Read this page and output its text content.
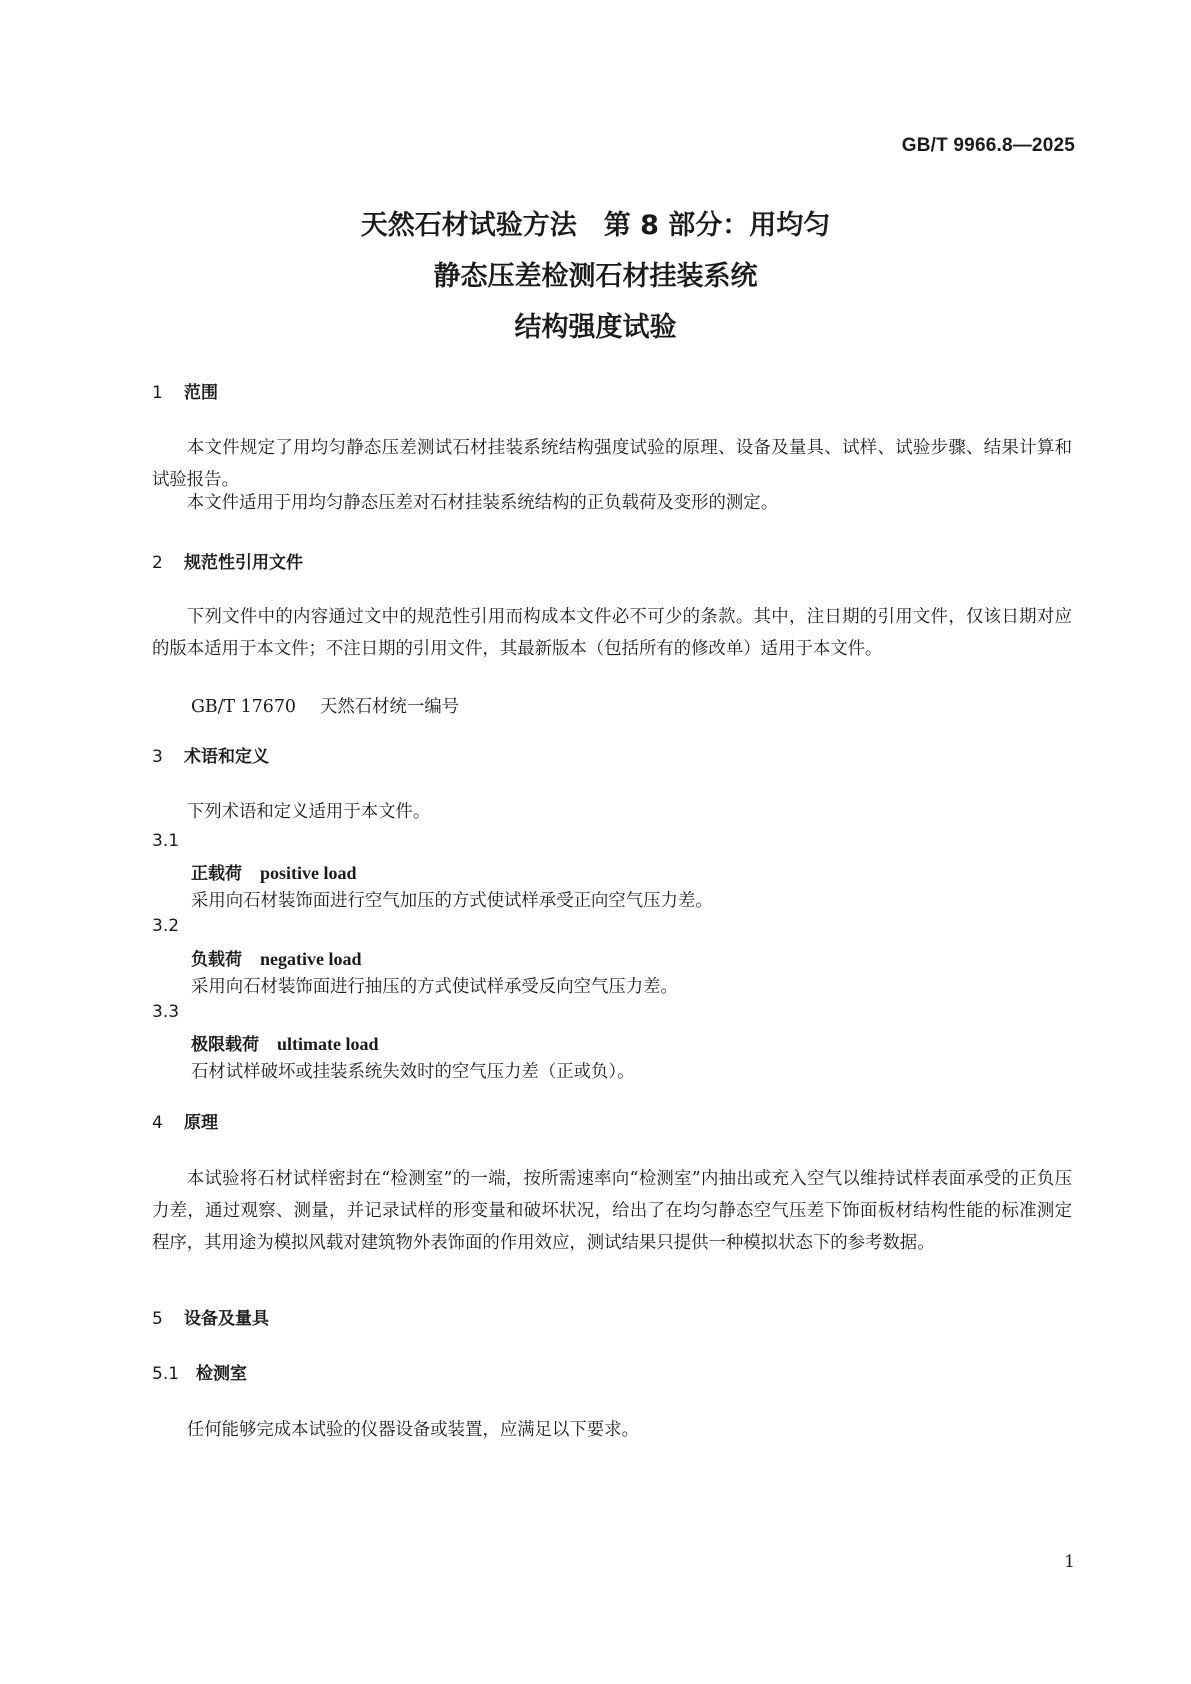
GB/T 9966.8—2025
天然石材试验方法　第 8 部分：用均匀
静态压差检测石材挂装系统
结构强度试验
1 范围
本文件规定了用均匀静态压差测试石材挂装系统结构强度试验的原理、设备及量具、试样、试验步骤、结果计算和试验报告。
本文件适用于用均匀静态压差对石材挂装系统结构的正负载荷及变形的测定。
2 规范性引用文件
下列文件中的内容通过文中的规范性引用而构成本文件必不可少的条款。其中，注日期的引用文件，仅该日期对应的版本适用于本文件；不注日期的引用文件，其最新版本（包括所有的修改单）适用于本文件。
GB/T 17670 天然石材统一编号
3 术语和定义
下列术语和定义适用于本文件。
3.1
正载荷 positive load
采用向石材装饰面进行空气加压的方式使试样承受正向空气压力差。
3.2
负载荷 negative load
采用向石材装饰面进行抽压的方式使试样承受反向空气压力差。
3.3
极限载荷 ultimate load
石材试样破坏或挂装系统失效时的空气压力差（正或负）。
4 原理
本试验将石材试样密封在“检测室”的一端，按所需速率向“检测室”内抽出或充入空气以维持试样表面承受的正负压力差，通过观察、测量，并记录试样的形变量和破坏状况，给出了在均匀静态空气压差下饰面板材结构性能的标准测定程序，其用途为模拟风载对建筑物外表饰面的作用效应，测试结果只提供一种模拟状态下的参考数据。
5 设备及量具
5.1 检测室
任何能够完成本试验的仪器设备或装置，应满足以下要求。
1
